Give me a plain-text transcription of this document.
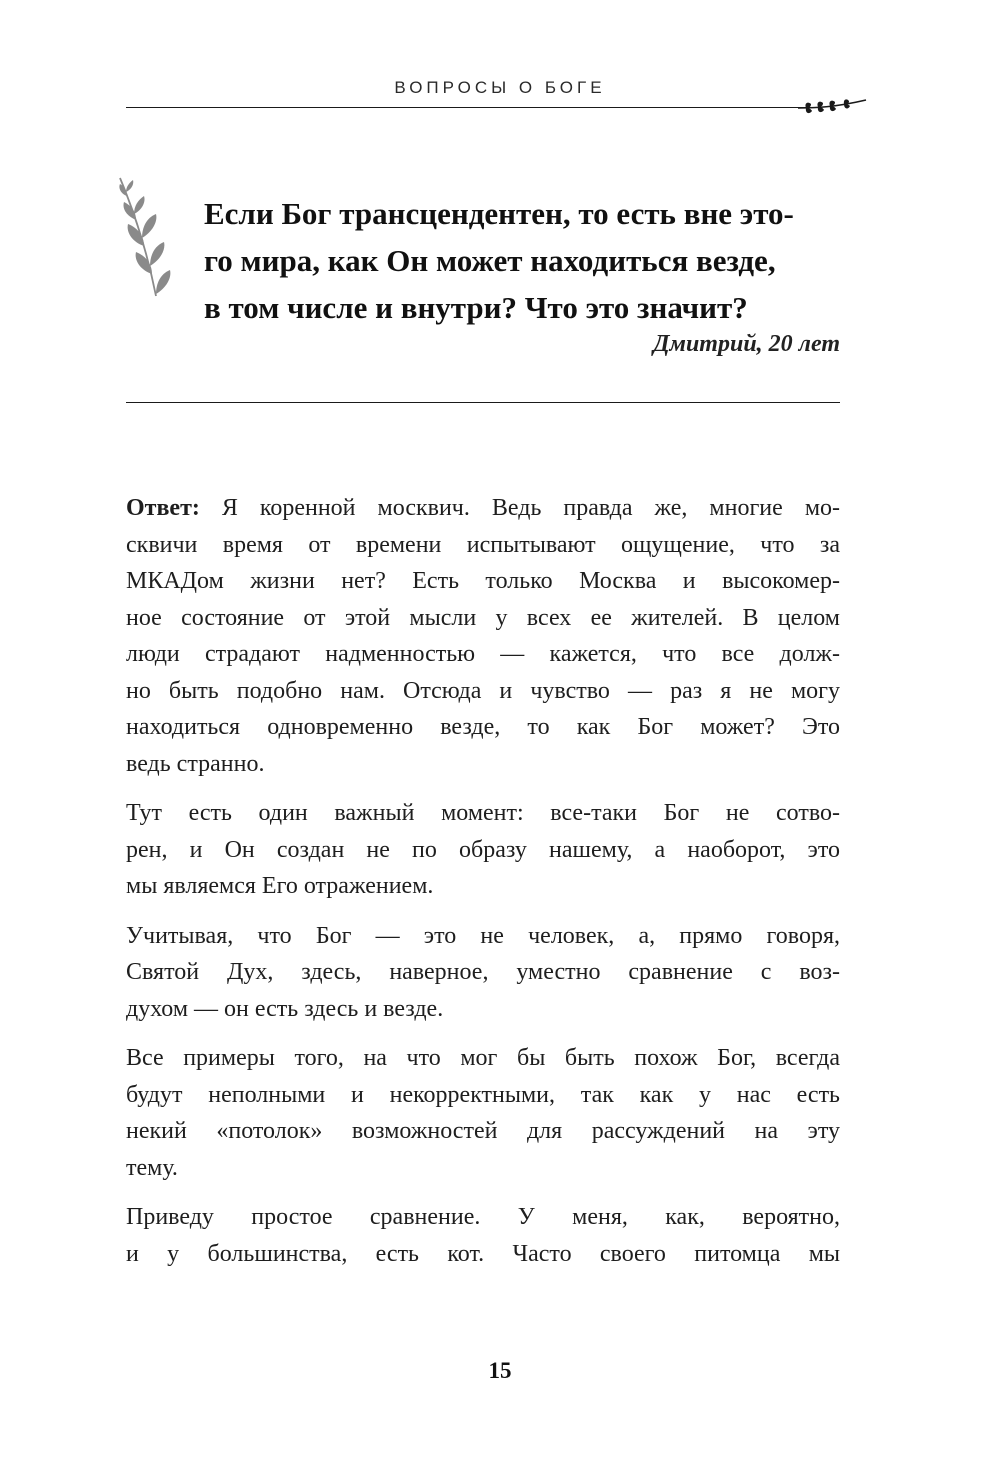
ВОПРОСЫ О БОГЕ
Если Бог трансцендентен, то есть вне это-
го мира, как Он может находиться везде,
в том числе и внутри? Что это значит?
Дмитрий, 20 лет

Ответ: Я коренной москвич. Ведь правда же, многие мо-
сквичи время от времени испытывают ощущение, что за
МКАДом жизни нет? Есть только Москва и высокомер-
ное состояние от этой мысли у всех ее жителей. В целом
люди страдают надменностью — кажется, что все долж-
но быть подобно нам. Отсюда и чувство — раз я не могу
находиться одновременно везде, то как Бог может? Это
ведь странно.

Тут есть один важный момент: все-таки Бог не сотво-
рен, и Он создан не по образу нашему, а наоборот, это
мы являемся Его отражением.

Учитывая, что Бог — это не человек, а, прямо говоря,
Святой Дух, здесь, наверное, уместно сравнение с воз-
духом — он есть здесь и везде.

Все примеры того, на что мог бы быть похож Бог, всегда
будут неполными и некорректными, так как у нас есть
некий «потолок» возможностей для рассуждений на эту
тему.

Приведу простое сравнение. У меня, как, вероятно,
и у большинства, есть кот. Часто своего питомца мы

15
